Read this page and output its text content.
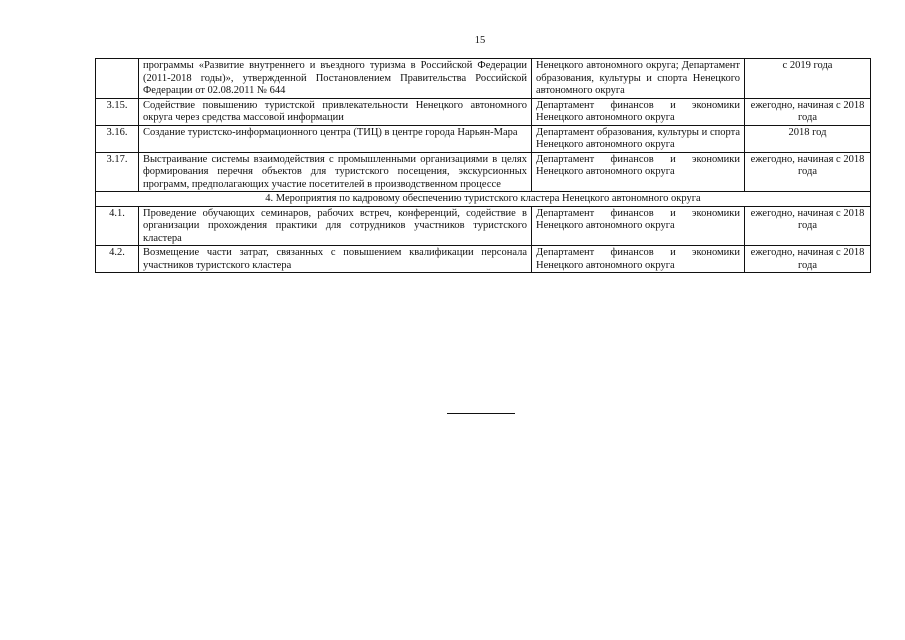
15
	программы «Развитие внутреннего и въездного туризма в Российской Федерации (2011-2018 годы)», утвержденной Постановлением Правительства Российской Федерации от 02.08.2011 № 644	Ненецкого автономного округа; Департамент образования, культуры и спорта Ненецкого автономного округа	с 2019 года
3.15.	Содействие повышению туристской привлекательности Ненецкого автономного округа через средства массовой информации	Департамент финансов и экономики Ненецкого автономного округа	ежегодно, начиная с 2018 года
3.16.	Создание туристско-информационного центра (ТИЦ) в центре города Нарьян-Мара	Департамент образования, культуры и спорта Ненецкого автономного округа	2018 год
3.17.	Выстраивание системы взаимодействия с промышленными организациями в целях формирования перечня объектов для туристского посещения, экскурсионных программ, предполагающих участие посетителей в производственном процессе	Департамент финансов и экономики Ненецкого автономного округа	ежегодно, начиная с 2018 года
4. Мероприятия по кадровому обеспечению туристского кластера Ненецкого автономного округа			
4.1.	Проведение обучающих семинаров, рабочих встреч, конференций, содействие в организации прохождения практики для сотрудников участников туристского кластера	Департамент финансов и экономики Ненецкого автономного округа	ежегодно, начиная с 2018 года
4.2.	Возмещение части затрат, связанных с повышением квалификации персонала участников туристского кластера	Департамент финансов и экономики Ненецкого автономного округа	ежегодно, начиная с 2018 года
